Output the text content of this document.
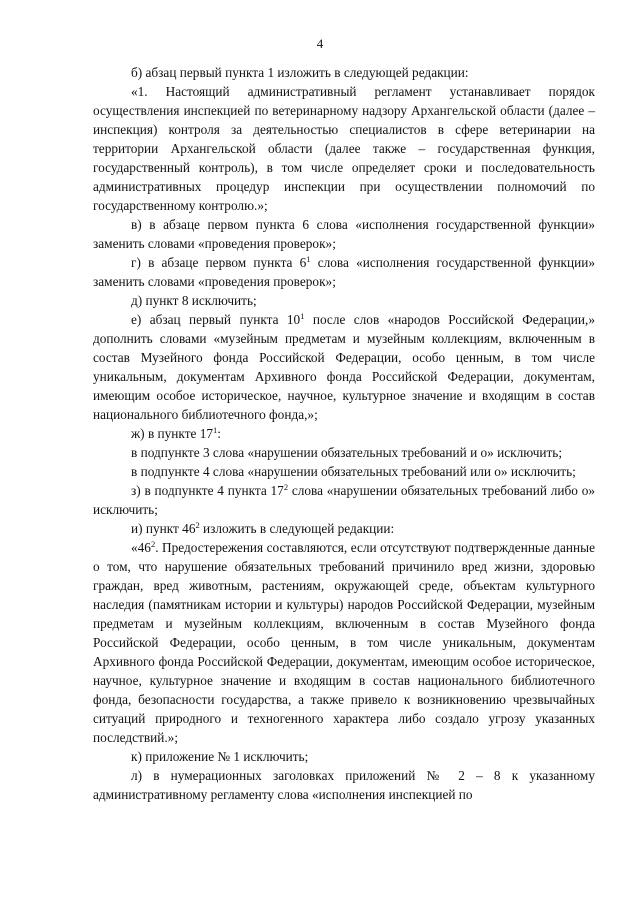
4

б) абзац первый пункта 1 изложить в следующей редакции:

«1. Настоящий административный регламент устанавливает порядок осуществления инспекцией по ветеринарному надзору Архангельской области (далее – инспекция) контроля за деятельностью специалистов в сфере ветеринарии на территории Архангельской области (далее также – государственная функция, государственный контроль), в том числе определяет сроки и последовательность административных процедур инспекции при осуществлении полномочий по государственному контролю.»;

в) в абзаце первом пункта 6 слова «исполнения государственной функции» заменить словами «проведения проверок»;

г) в абзаце первом пункта $6^1$ слова «исполнения государственной функции» заменить словами «проведения проверок»;

д) пункт 8 исключить;

е) абзац первый пункта $10^1$ после слов «народов Российской Федерации,» дополнить словами «музейным предметам и музейным коллекциям, включенным в состав Музейного фонда Российской Федерации, особо ценным, в том числе уникальным, документам Архивного фонда Российской Федерации, документам, имеющим особое историческое, научное, культурное значение и входящим в состав национального библиотечного фонда,»;

ж) в пункте $17^1$:

в подпункте 3 слова «нарушении обязательных требований и о» исключить;

в подпункте 4 слова «нарушении обязательных требований или о» исключить;

з) в подпункте 4 пункта $17^2$ слова «нарушении обязательных требований либо о» исключить;

и) пункт $46^2$ изложить в следующей редакции:

«$46^2$. Предостережения составляются, если отсутствуют подтвержденные данные о том, что нарушение обязательных требований причинило вред жизни, здоровью граждан, вред животным, растениям, окружающей среде, объектам культурного наследия (памятникам истории и культуры) народов Российской Федерации, музейным предметам и музейным коллекциям, включенным в состав Музейного фонда Российской Федерации, особо ценным, в том числе уникальным, документам Архивного фонда Российской Федерации, документам, имеющим особое историческое, научное, культурное значение и входящим в состав национального библиотечного фонда, безопасности государства, а также привело к возникновению чрезвычайных ситуаций природного и техногенного характера либо создало угрозу указанных последствий.»;

к) приложение № 1 исключить;

л) в нумерационных заголовках приложений № 2 – 8 к указанному административному регламенту слова «исполнения инспекцией по
